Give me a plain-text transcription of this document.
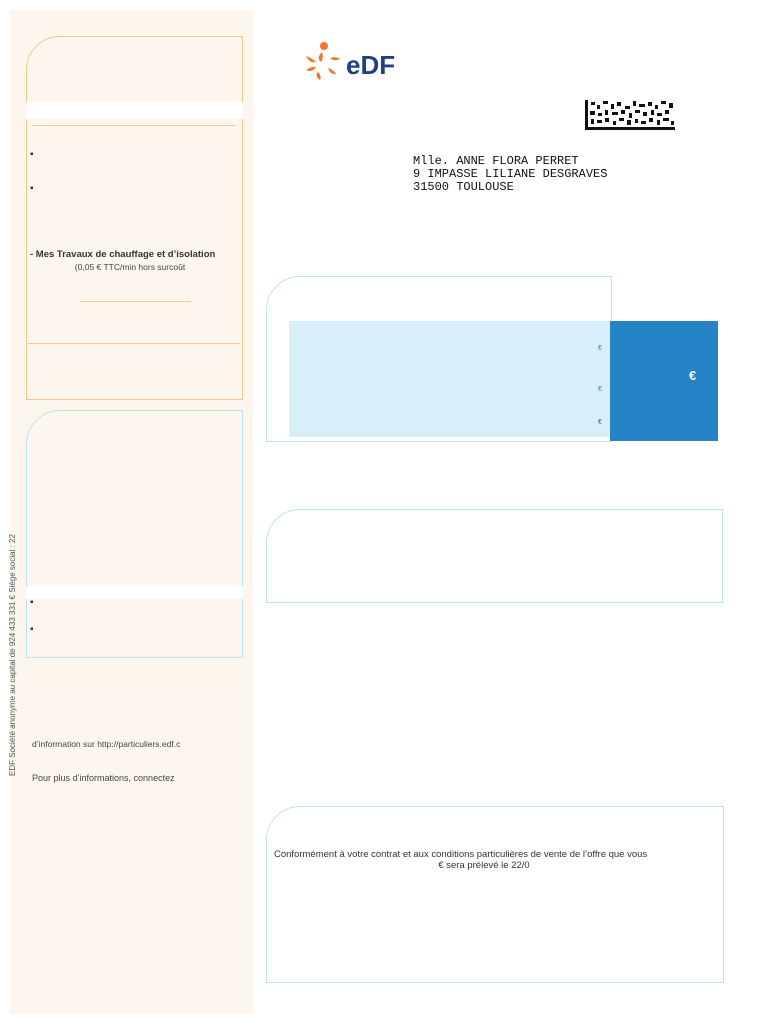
EDF Société anonyme au capital de 924 433 331 € Siège social : 22
▪
▪
- Mes Travaux de chauffage et d’isolation
(0,05 € TTC/min hors surcoût
▪
▪
d’information sur http://particuliers.edf.c
Pour plus d’informations, connectez
eDF
Mlle. ANNE FLORA PERRET
9 IMPASSE LILIANE DESGRAVES
31500 TOULOUSE
€
€
€
€
Conformément à votre contrat et aux conditions particulières de vente de l’offre que vous
€ sera prélevé le 22/0
